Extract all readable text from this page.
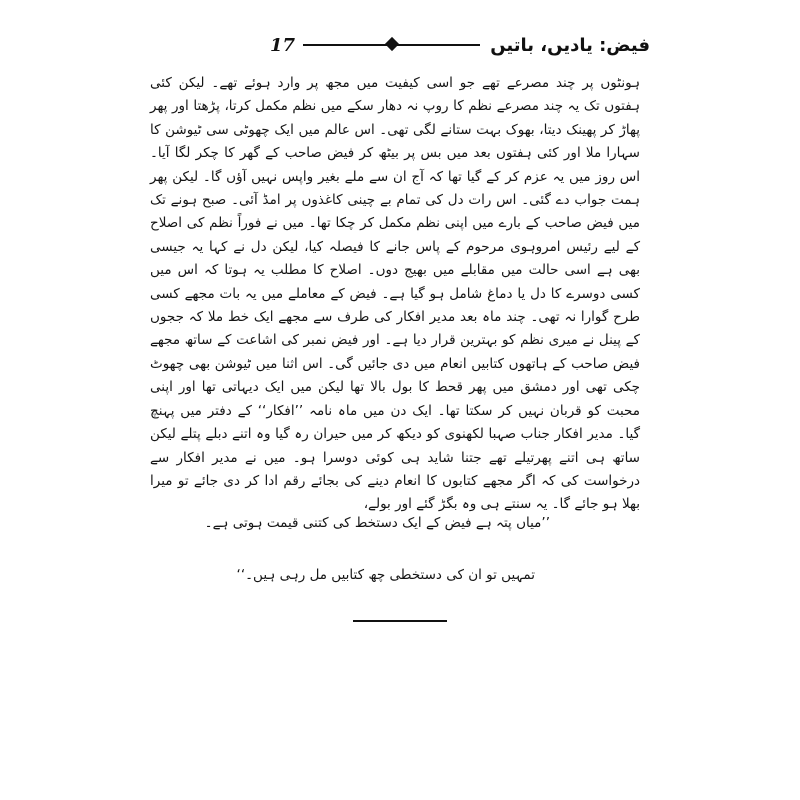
17	فیض: یادیں، باتیں

ہونٹوں پر چند مصرعے تھے جو اسی کیفیت میں مجھ پر وارد ہوئے تھے۔ لیکن کئی ہفتوں تک یہ چند مصرعے نظم کا روپ نہ دھار سکے میں نظم مکمل کرتا، پڑھتا اور پھر پھاڑ کر پھینک دیتا، بھوک بہت ستانے لگی تھی۔ اس عالم میں ایک چھوٹی سی ٹیوشن کا سہارا ملا اور کئی ہفتوں بعد میں بس پر بیٹھ کر فیض صاحب کے گھر کا چکر لگا آیا۔ اس روز میں یہ عزم کر کے گیا تھا کہ آج ان سے ملے بغیر واپس نہیں آؤں گا۔ لیکن پھر ہمت جواب دے گئی۔ اس رات دل کی تمام بے چینی کاغذوں پر امڈ آئی۔ صبح ہونے تک میں فیض صاحب کے بارے میں اپنی نظم مکمل کر چکا تھا۔ میں نے فوراً نظم کی اصلاح کے لیے رئیس امروہوی مرحوم کے پاس جانے کا فیصلہ کیا، لیکن دل نے کہا یہ جیسی بھی ہے اسی حالت میں مقابلے میں بھیج دوں۔ اصلاح کا مطلب یہ ہوتا کہ اس میں کسی دوسرے کا دل یا دماغ شامل ہو گیا ہے۔ فیض کے معاملے میں یہ بات مجھے کسی طرح گوارا نہ تھی۔ چند ماہ بعد مدیر افکار کی طرف سے مجھے ایک خط ملا کہ ججوں کے پینل نے میری نظم کو بہترین قرار دیا ہے۔ اور فیض نمبر کی اشاعت کے ساتھ مجھے فیض صاحب کے ہاتھوں کتابیں انعام میں دی جائیں گی۔ اس اثنا میں ٹیوشن بھی چھوٹ چکی تھی اور دمشق میں پھر قحط کا بول بالا تھا لیکن میں ایک دیہاتی تھا اور اپنی محبت کو قربان نہیں کر سکتا تھا۔ ایک دن میں ماہ نامہ ’’افکار‘‘ کے دفتر میں پہنچ گیا۔ مدیر افکار جناب صہبا لکھنوی کو دیکھ کر میں حیران رہ گیا وہ اتنے دبلے پتلے لیکن ساتھ ہی اتنے پھرتیلے تھے جتنا شاید ہی کوئی دوسرا ہو۔ میں نے مدیر افکار سے درخواست کی کہ اگر مجھے کتابوں کا انعام دینے کی بجائے رقم ادا کر دی جائے تو میرا بھلا ہو جائے گا۔ یہ سنتے ہی وہ بگڑ گئے اور بولے،

’’میاں پتہ ہے فیض کے ایک دستخط کی کتنی قیمت ہوتی ہے۔
تمہیں تو ان کی دستخطی چھ کتابیں مل رہی ہیں۔‘‘
